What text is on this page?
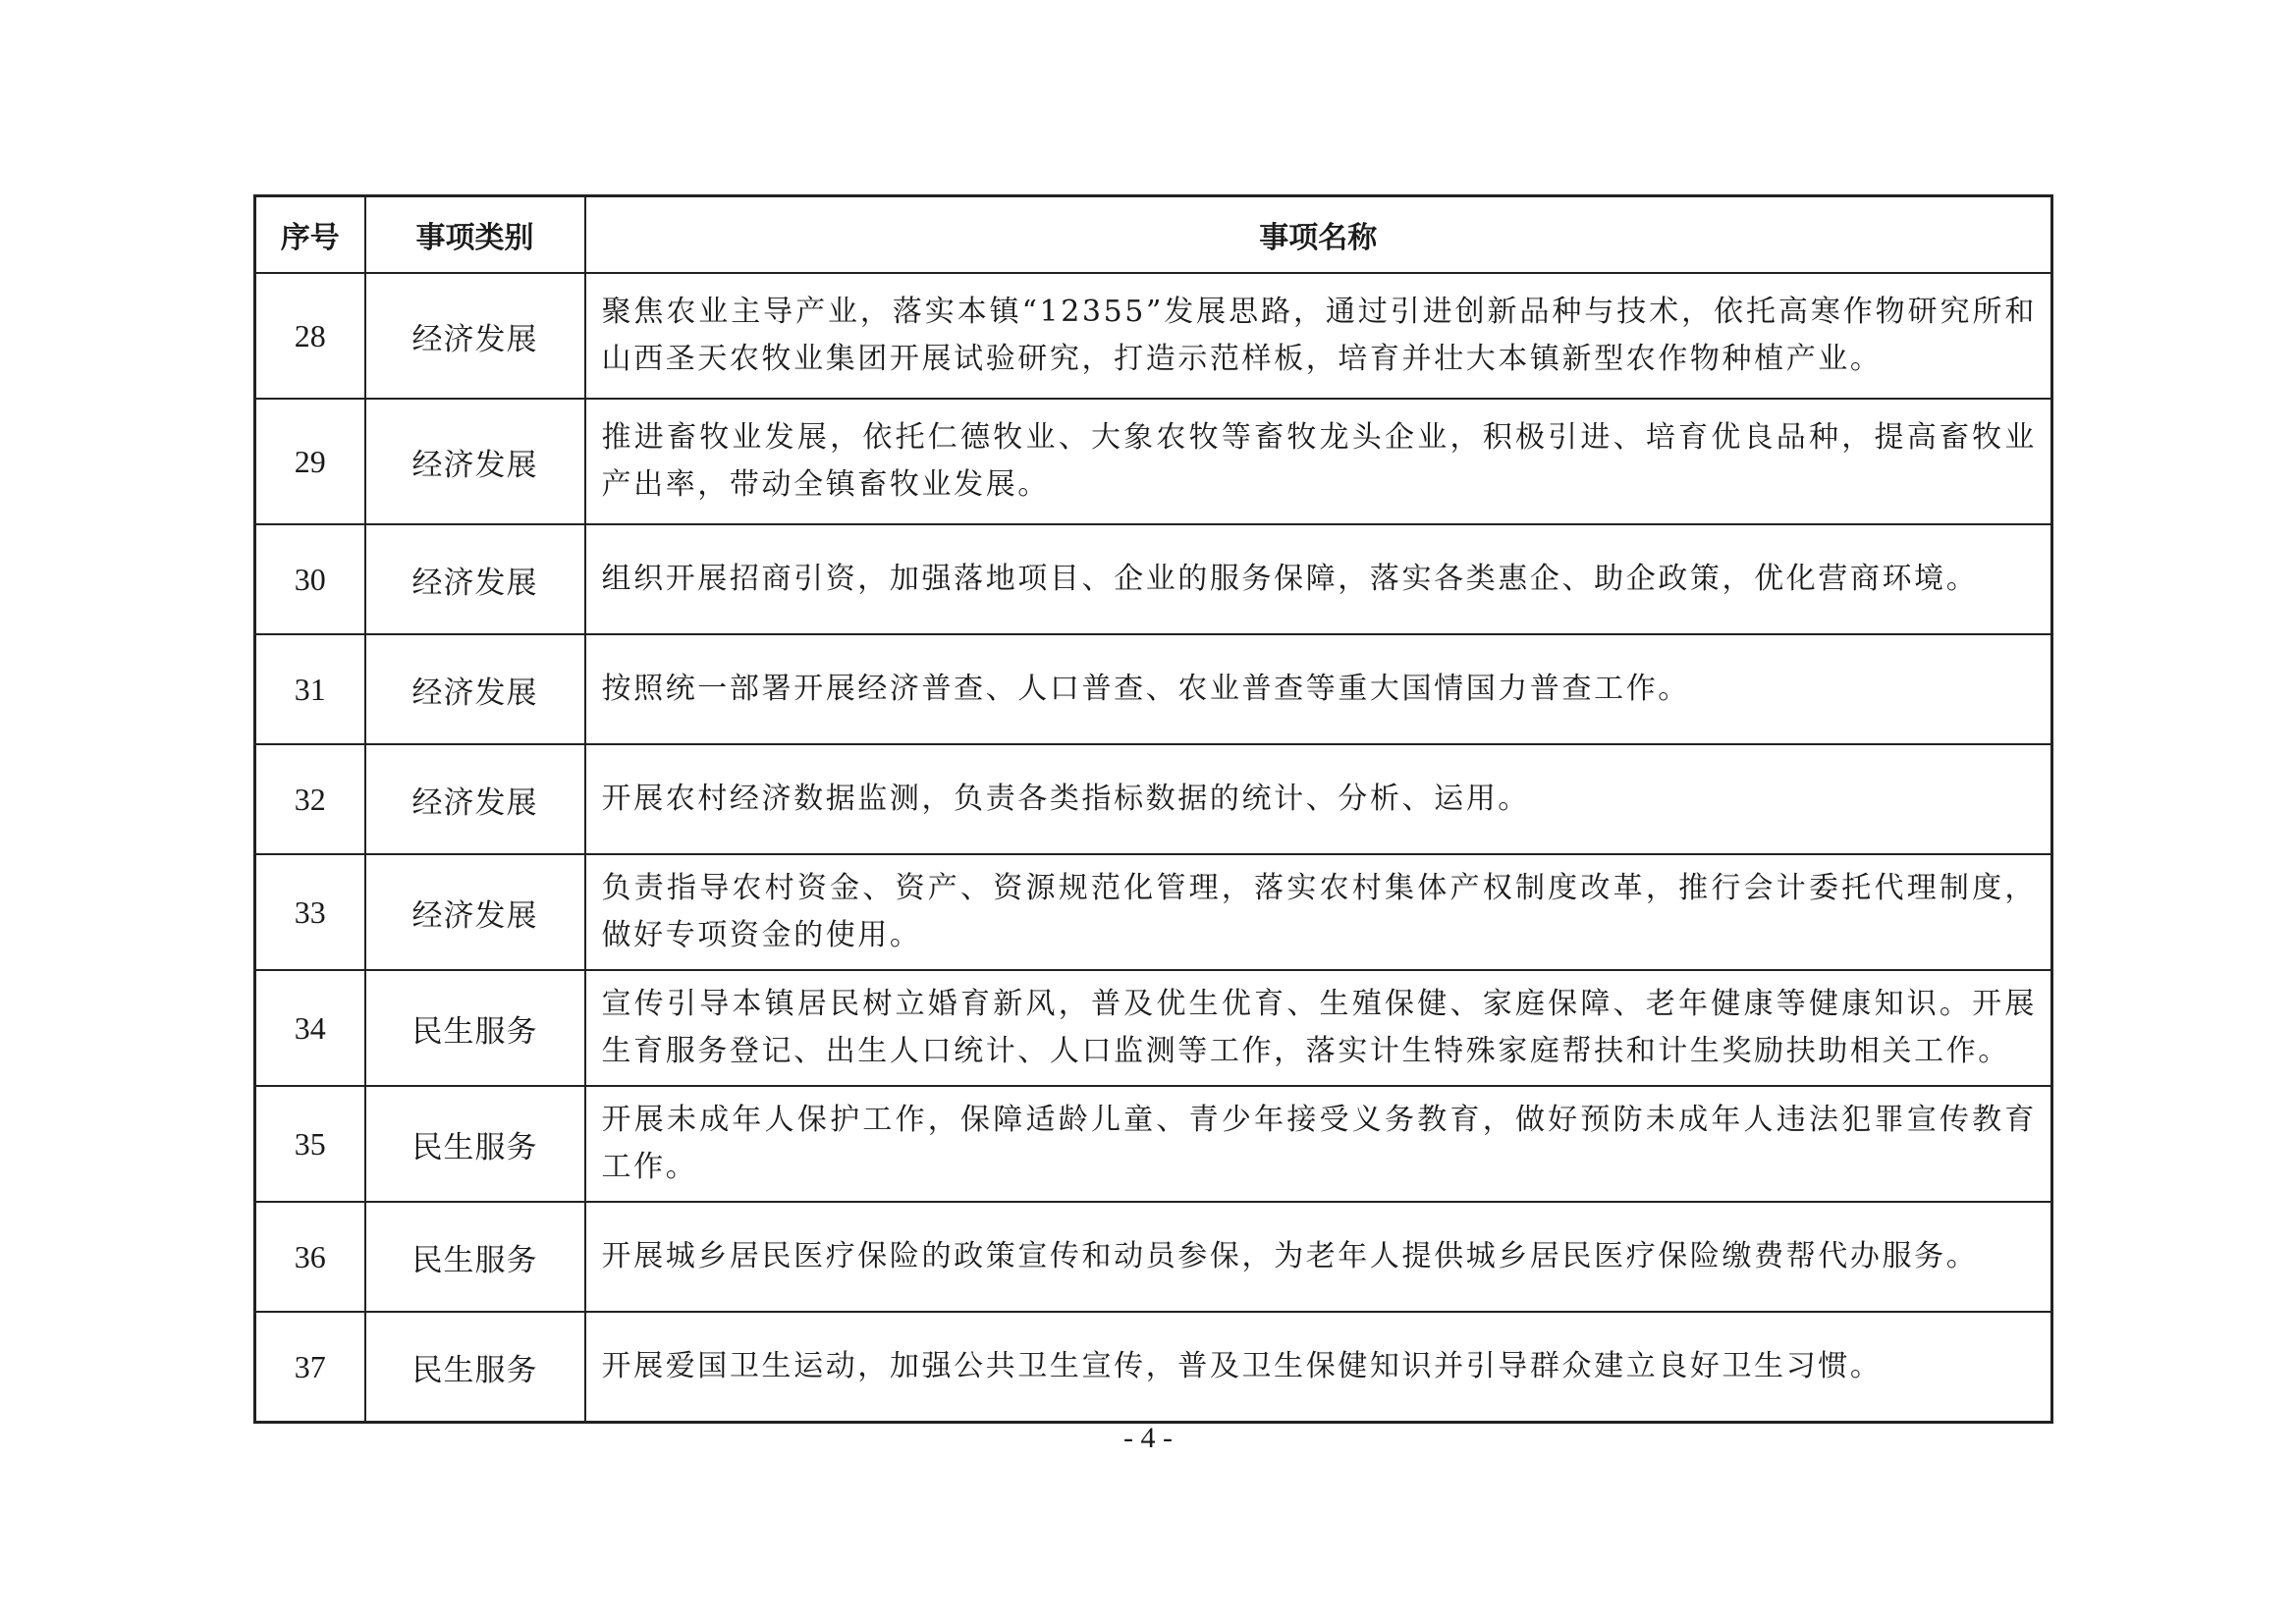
序号	事项类别	事项名称
28	经济发展	聚焦农业主导产业，落实本镇“12355”发展思路，通过引进创新品种与技术，依托高寒作物研究所和山西圣天农牧业集团开展试验研究，打造示范样板，培育并壮大本镇新型农作物种植产业。
29	经济发展	推进畜牧业发展，依托仁德牧业、大象农牧等畜牧龙头企业，积极引进、培育优良品种，提高畜牧业产出率，带动全镇畜牧业发展。
30	经济发展	组织开展招商引资，加强落地项目、企业的服务保障，落实各类惠企、助企政策，优化营商环境。
31	经济发展	按照统一部署开展经济普查、人口普查、农业普查等重大国情国力普查工作。
32	经济发展	开展农村经济数据监测，负责各类指标数据的统计、分析、运用。
33	经济发展	负责指导农村资金、资产、资源规范化管理，落实农村集体产权制度改革，推行会计委托代理制度，做好专项资金的使用。
34	民生服务	宣传引导本镇居民树立婚育新风，普及优生优育、生殖保健、家庭保障、老年健康等健康知识。开展生育服务登记、出生人口统计、人口监测等工作，落实计生特殊家庭帮扶和计生奖励扶助相关工作。
35	民生服务	开展未成年人保护工作，保障适龄儿童、青少年接受义务教育，做好预防未成年人违法犯罪宣传教育工作。
36	民生服务	开展城乡居民医疗保险的政策宣传和动员参保，为老年人提供城乡居民医疗保险缴费帮代办服务。
37	民生服务	开展爱国卫生运动，加强公共卫生宣传，普及卫生保健知识并引导群众建立良好卫生习惯。
- 4 -
